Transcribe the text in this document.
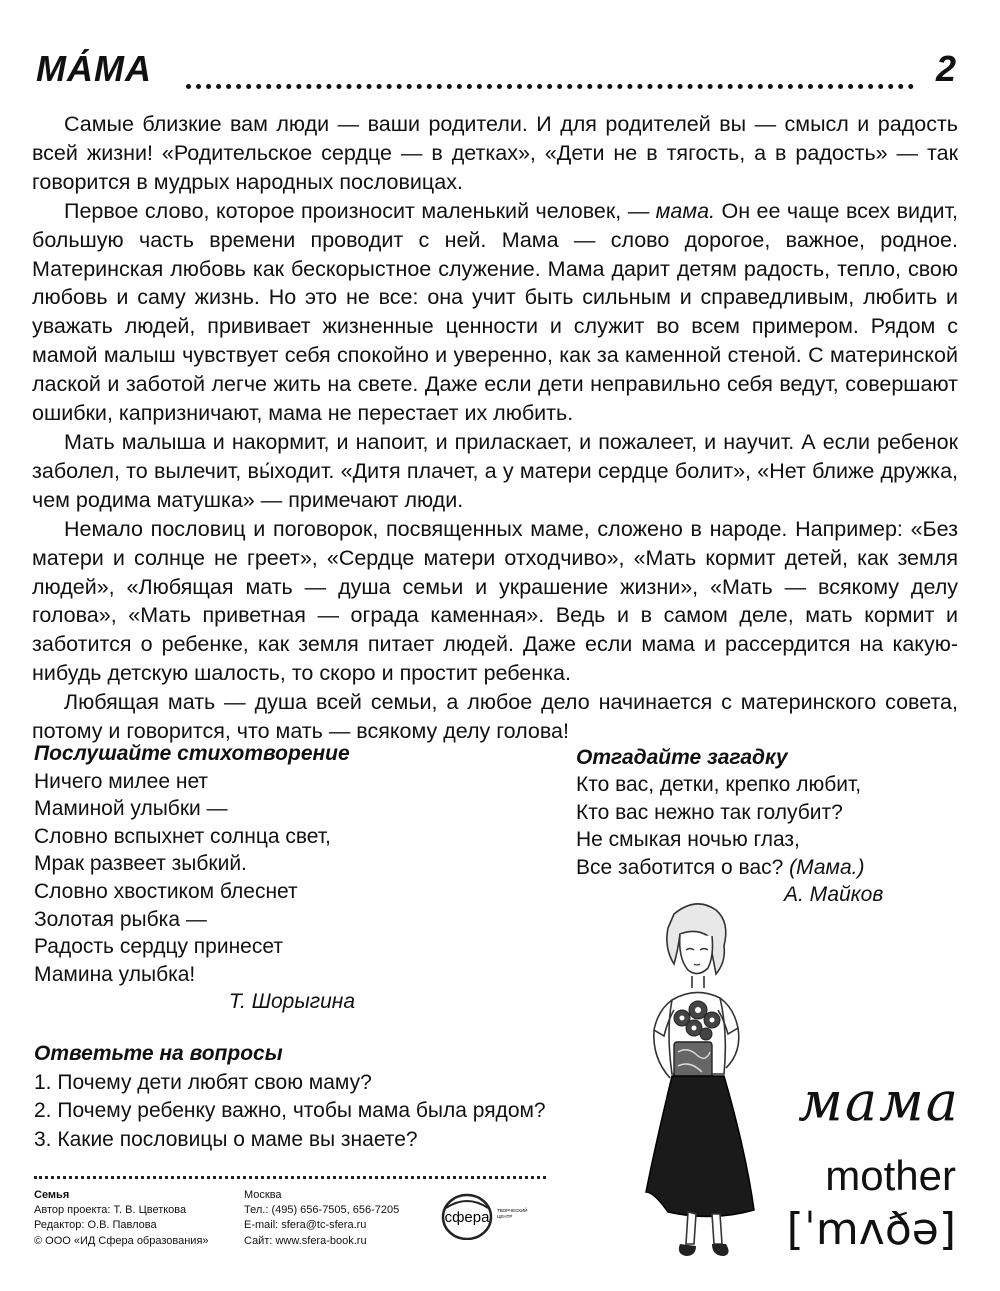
МА́МА	2

Самые близкие вам люди — ваши родители. И для родителей вы — смысл и радость всей жизни! «Родительское сердце — в детках», «Дети не в тягость, а в радость» — так говорится в мудрых народных пословицах.

Первое слово, которое произносит маленький человек, — мама. Он ее чаще всех видит, большую часть времени проводит с ней. Мама — слово дорогое, важное, родное. Материнская любовь как бескорыстное служение. Мама дарит детям радость, тепло, свою любовь и саму жизнь. Но это не все: она учит быть сильным и справедливым, любить и уважать людей, прививает жизненные ценности и служит во всем примером. Рядом с мамой малыш чувствует себя спокойно и уверенно, как за каменной стеной. С материнской лаской и заботой легче жить на свете. Даже если дети неправильно себя ведут, совершают ошибки, капризничают, мама не перестает их любить.

Мать малыша и накормит, и напоит, и приласкает, и пожалеет, и научит. А если ребенок заболел, то вылечит, вы́ходит. «Дитя плачет, а у матери сердце болит», «Нет ближе дружка, чем родима матушка» — примечают люди.

Немало пословиц и поговорок, посвященных маме, сложено в народе. Например: «Без матери и солнце не греет», «Сердце матери отходчиво», «Мать кормит детей, как земля людей», «Любящая мать — душа семьи и украшение жизни», «Мать — всякому делу голова», «Мать приветная — ограда каменная». Ведь и в самом деле, мать кормит и заботится о ребенке, как земля питает людей. Даже если мама и рассердится на какую-нибудь детскую шалость, то скоро и простит ребенка.

Любящая мать — душа всей семьи, а любое дело начинается с материнского совета, потому и говорится, что мать — всякому делу голова!

Послушайте стихотворение
Ничего милее нет
Маминой улыбки —
Словно вспыхнет солнца свет,
Мрак развеет зыбкий.
Словно хвостиком блеснет
Золотая рыбка —
Радость сердцу принесет
Мамина улыбка!
Т. Шорыгина
Отгадайте загадку
Кто вас, детки, крепко любит,
Кто вас нежно так голубит?
Не смыкая ночью глаз,
Все заботится о вас? (Мама.)
А. Майков
Ответьте на вопросы
1. Почему дети любят свою маму?
2. Почему ребенку важно, чтобы мама была рядом?
3. Какие пословицы о маме вы знаете?
Семья
Автор проекта: Т. В. Цветкова
Редактор: О.В. Павлова
© ООО «ИД Сфера образования»
Москва
Тел.: (495) 656-7505, 656-7205
E-mail: sfera@tc-sfera.ru
Сайт: www.sfera-book.ru
сфера ТВОРЧЕСКИЙ
ЦЕНТР
мама
mother
[ˈmʌðə]
